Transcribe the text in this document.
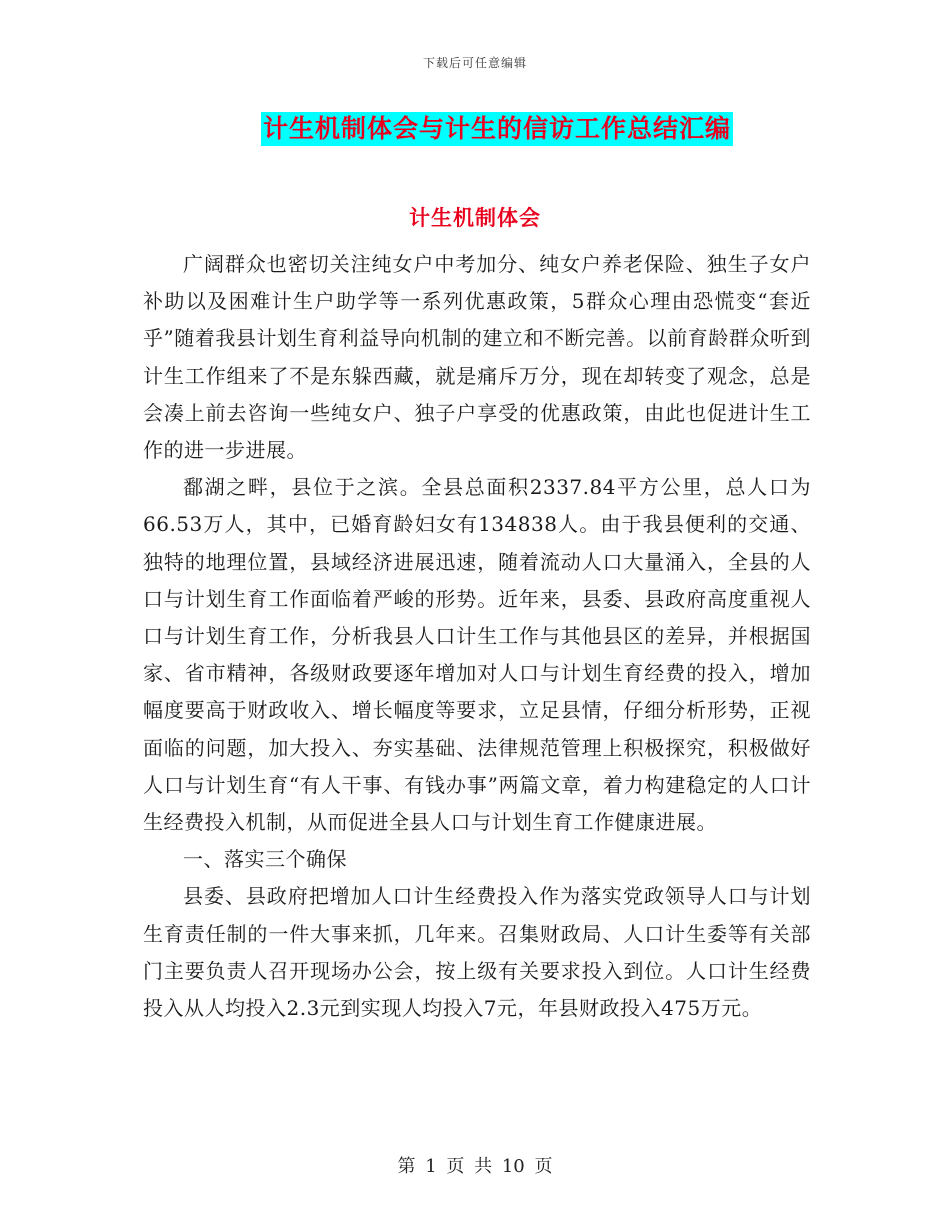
下载后可任意编辑
计生机制体会与计生的信访工作总结汇编
计生机制体会

广阔群众也密切关注纯女户中考加分、纯女户养老保险、独生子女户补助以及困难计生户助学等一系列优惠政策，5群众心理由恐慌变“套近乎”随着我县计划生育利益导向机制的建立和不断完善。以前育龄群众听到计生工作组来了不是东躲西藏，就是痛斥万分，现在却转变了观念，总是会凑上前去咨询一些纯女户、独子户享受的优惠政策，由此也促进计生工作的进一步进展。

鄱湖之畔，县位于之滨。全县总面积2337.84平方公里，总人口为66.53万人，其中，已婚育龄妇女有134838人。由于我县便利的交通、独特的地理位置，县域经济进展迅速，随着流动人口大量涌入，全县的人口与计划生育工作面临着严峻的形势。近年来，县委、县政府高度重视人口与计划生育工作，分析我县人口计生工作与其他县区的差异，并根据国家、省市精神，各级财政要逐年增加对人口与计划生育经费的投入，增加幅度要高于财政收入、增长幅度等要求，立足县情，仔细分析形势，正视面临的问题，加大投入、夯实基础、法律规范管理上积极探究，积极做好人口与计划生育“有人干事、有钱办事”两篇文章，着力构建稳定的人口计生经费投入机制，从而促进全县人口与计划生育工作健康进展。

一、落实三个确保

县委、县政府把增加人口计生经费投入作为落实党政领导人口与计划生育责任制的一件大事来抓，几年来。召集财政局、人口计生委等有关部门主要负责人召开现场办公会，按上级有关要求投入到位。人口计生经费投入从人均投入2.3元到实现人均投入7元，年县财政投入475万元。

第 1 页 共 10 页
